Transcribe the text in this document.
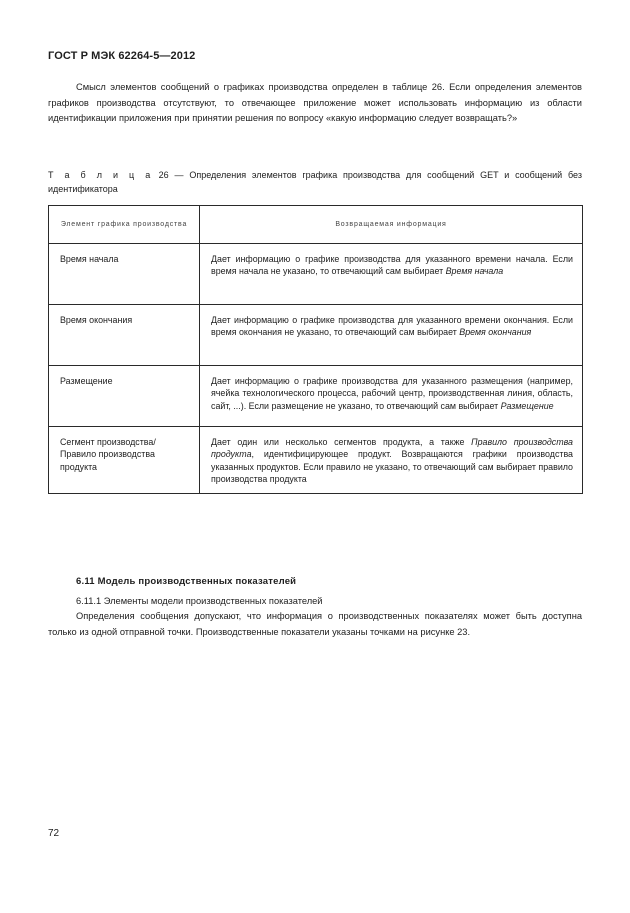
ГОСТ Р МЭК 62264-5—2012

Смысл элементов сообщений о графиках производства определен в таблице 26. Если определения элементов графиков производства отсутствуют, то отвечающее приложение может использовать информацию из области идентификации приложения при принятии решения по вопросу «какую информацию следует возвращать?»

Т а б л и ц а 26 — Определения элементов графика производства для сообщений GET и сообщений без идентификатора

Элемент графика производства	Возвращаемая информация
Время начала	Дает информацию о графике производства для указанного времени начала. Если время начала не указано, то отвечающий сам выбирает Время начала
Время окончания	Дает информацию о графике производства для указанного времени окончания. Если время окончания не указано, то отвечающий сам выбирает Время окончания
Размещение	Дает информацию о графике производства для указанного размещения (например, ячейка технологического процесса, рабочий центр, производственная линия, область, сайт, ...). Если размещение не указано, то отвечающий сам выбирает Размещение
Сегмент производства/ Правило производства продукта	Дает один или несколько сегментов продукта, а также Правило производства продукта, идентифицирующее продукт. Возвращаются графики производства указанных продуктов. Если правило не указано, то отвечающий сам выбирает правило производства продукта
6.11 Модель производственных показателей
6.11.1 Элементы модели производственных показателей

Определения сообщения допускают, что информация о производственных показателях может быть доступна только из одной отправной точки. Производственные показатели указаны точками на рисунке 23.

72
